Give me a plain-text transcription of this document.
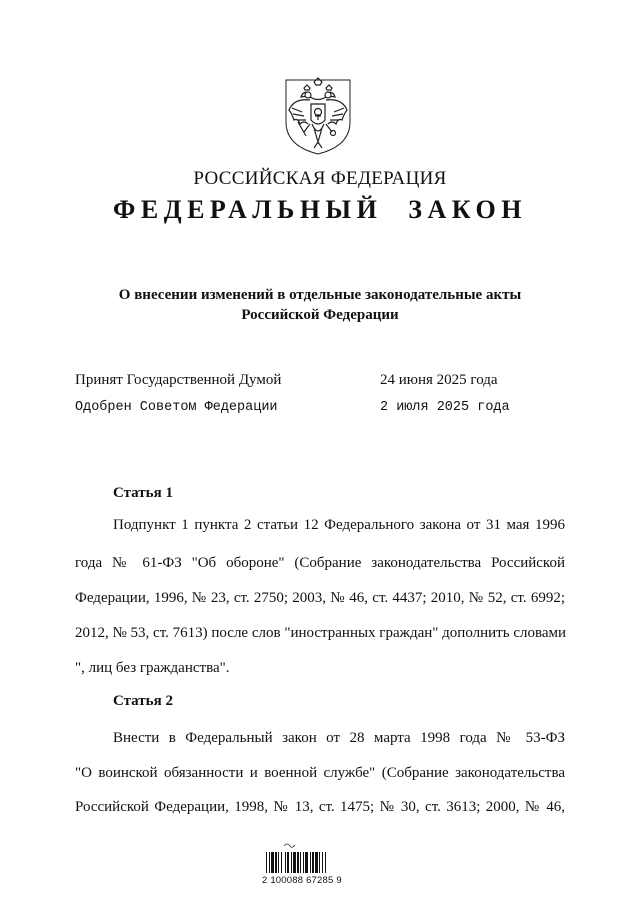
РОССИЙСКАЯ ФЕДЕРАЦИЯ
ФЕДЕРАЛЬНЫЙ ЗАКОН
О внесении изменений в отдельные законодательные акты
Российской Федерации
Принят Государственной Думой	24 июня 2025 года
Одобрен Советом Федерации	2 июля 2025 года
Статья 1
Подпункт 1 пункта 2 статьи 12 Федерального закона от 31 мая 1996
года № 61-ФЗ "Об обороне" (Собрание законодательства Российской
Федерации, 1996, № 23, ст. 2750; 2003, № 46, ст. 4437; 2010, № 52, ст. 6992;
2012, № 53, ст. 7613) после слов "иностранных граждан" дополнить словами
", лиц без гражданства".
Статья 2
Внести в Федеральный закон от 28 марта 1998 года № 53-ФЗ
"О воинской обязанности и военной службе" (Собрание законодательства
Российской Федерации, 1998, № 13, ст. 1475; № 30, ст. 3613; 2000, № 46,
2 100088 67285 9
